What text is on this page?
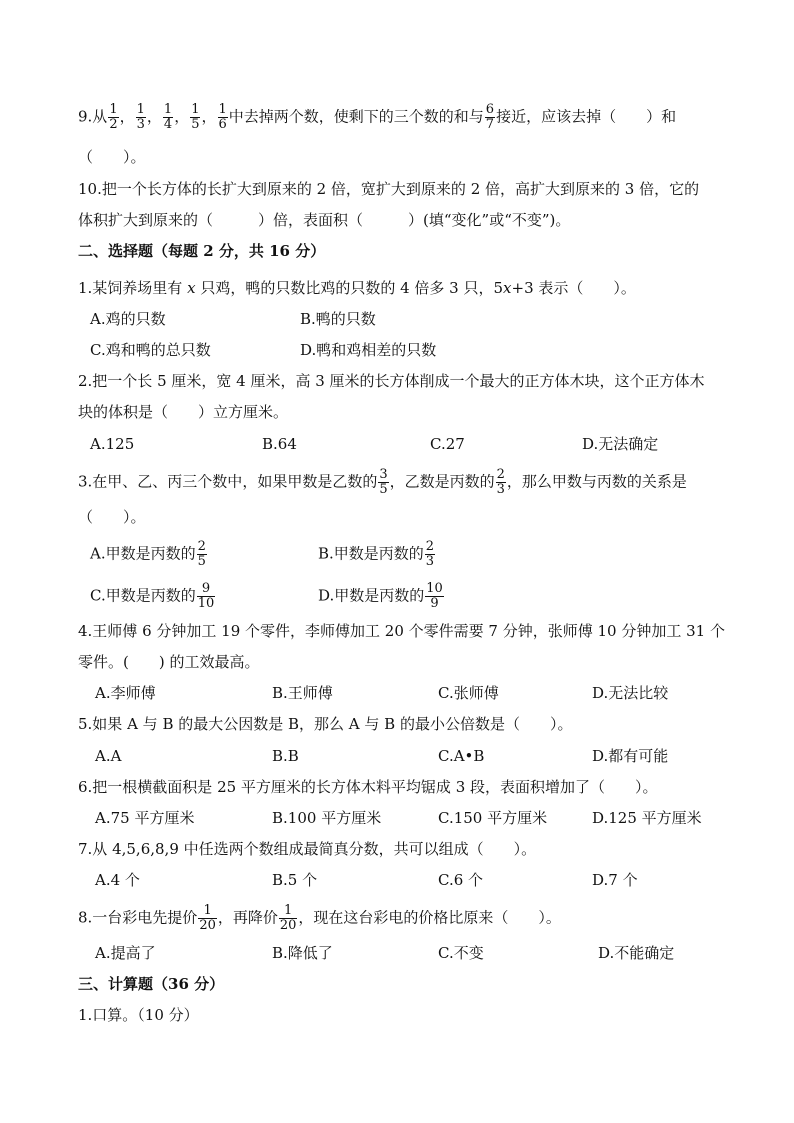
9.从 $\frac{1}{2}$ ， $\frac{1}{3}$ ， $\frac{1}{4}$ ， $\frac{1}{5}$ ， $\frac{1}{6}$ 中去掉两个数，使剩下的三个数的和与 $\frac{6}{7}$ 接近，应该去掉（　　）和
（　　）。
10.把一个长方体的长扩大到原来的 2 倍，宽扩大到原来的 2 倍，高扩大到原来的 3 倍，它的
体积扩大到原来的（　　　）倍，表面积（　　　）(填“变化”或“不变”)。
二、选择题（每题 2 分，共 16 分）
1.某饲养场里有 x 只鸡，鸭的只数比鸡的只数的 4 倍多 3 只，5x+3 表示（　　）。
A.鸡的只数	B.鸭的只数
C.鸡和鸭的总只数	D.鸭和鸡相差的只数
2.把一个长 5 厘米，宽 4 厘米，高 3 厘米的长方体削成一个最大的正方体木块，这个正方体木
块的体积是（　　）立方厘米。
A.125	B.64	C.27	D.无法确定
3.在甲、乙、丙三个数中，如果甲数是乙数的 $\frac{3}{5}$ ，乙数是丙数的 $\frac{2}{3}$ ，那么甲数与丙数的关系是
（　　）。
A.甲数是丙数的 $\frac{2}{5}$	B.甲数是丙数的 $\frac{2}{3}$
C.甲数是丙数的 $\frac{9}{10}$	D.甲数是丙数的 $\frac{10}{9}$
4.王师傅 6 分钟加工 19 个零件，李师傅加工 20 个零件需要 7 分钟，张师傅 10 分钟加工 31 个
零件。(　　) 的工效最高。
A.李师傅	B.王师傅	C.张师傅	D.无法比较
5.如果 A 与 B 的最大公因数是 B，那么 A 与 B 的最小公倍数是（　　）。
A.A	B.B	C.A•B	D.都有可能
6.把一根横截面积是 25 平方厘米的长方体木料平均锯成 3 段，表面积增加了（　　）。
A.75 平方厘米	B.100 平方厘米	C.150 平方厘米	D.125 平方厘米
7.从 4,5,6,8,9 中任选两个数组成最简真分数，共可以组成（　　）。
A.4 个	B.5 个	C.6 个	D.7 个
8.一台彩电先提价 $\frac{1}{20}$ ，再降价 $\frac{1}{20}$ ，现在这台彩电的价格比原来（　　）。
A.提高了	B.降低了	C.不变	D.不能确定
三、计算题（36 分）
1.口算。（10 分）
